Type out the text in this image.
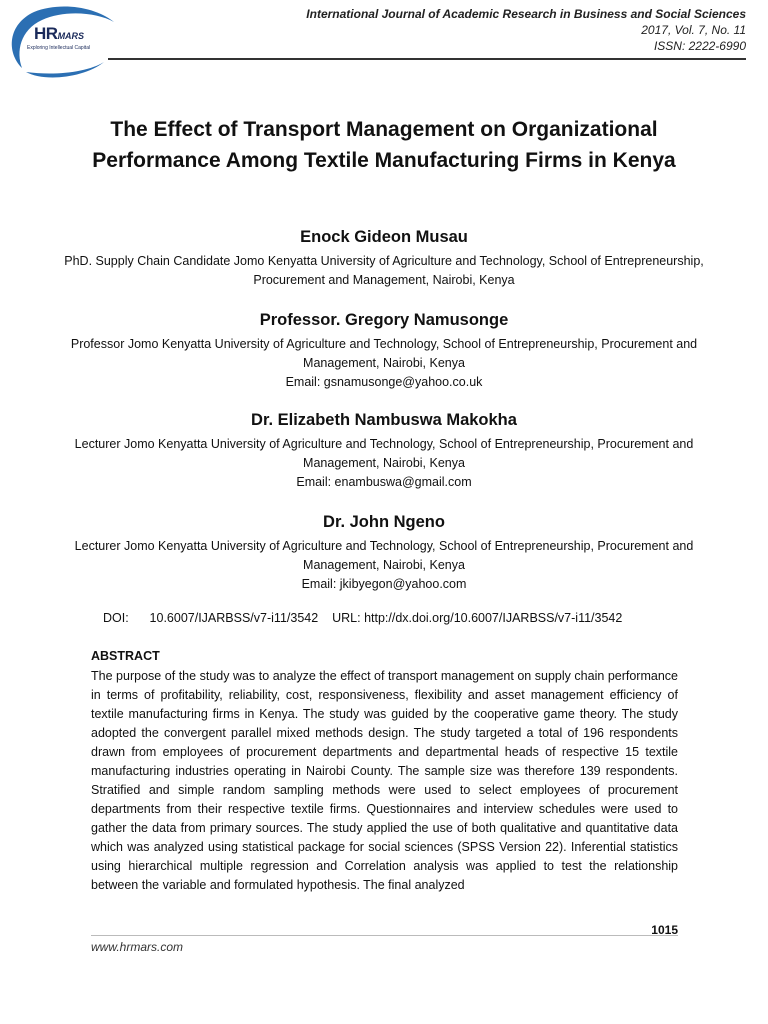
HRMARS
Exploring Intellectual Capital
International Journal of Academic Research in Business and Social Sciences
2017, Vol. 7, No. 11
ISSN: 2222-6990
The Effect of Transport Management on Organizational Performance Among Textile Manufacturing Firms in Kenya
Enock Gideon Musau
PhD. Supply Chain Candidate Jomo Kenyatta University of Agriculture and Technology, School of Entrepreneurship, Procurement and Management, Nairobi, Kenya
Professor. Gregory Namusonge
Professor Jomo Kenyatta University of Agriculture and Technology, School of Entrepreneurship, Procurement and Management, Nairobi, Kenya
Email: gsnamusonge@yahoo.co.uk
Dr. Elizabeth Nambuswa Makokha
Lecturer Jomo Kenyatta University of Agriculture and Technology, School of Entrepreneurship, Procurement and Management, Nairobi, Kenya
Email: enambuswa@gmail.com
Dr. John Ngeno
Lecturer Jomo Kenyatta University of Agriculture and Technology, School of Entrepreneurship, Procurement and Management, Nairobi, Kenya
Email: jkibyegon@yahoo.com
DOI: 10.6007/IJARBSS/v7-i11/3542 URL: http://dx.doi.org/10.6007/IJARBSS/v7-i11/3542
ABSTRACT
The purpose of the study was to analyze the effect of transport management on supply chain performance in terms of profitability, reliability, cost, responsiveness, flexibility and asset management efficiency of textile manufacturing firms in Kenya. The study was guided by the cooperative game theory. The study adopted the convergent parallel mixed methods design. The study targeted a total of 196 respondents drawn from employees of procurement departments and departmental heads of respective 15 textile manufacturing industries operating in Nairobi County. The sample size was therefore 139 respondents. Stratified and simple random sampling methods were used to select employees of procurement departments from their respective textile firms. Questionnaires and interview schedules were used to gather the data from primary sources. The study applied the use of both qualitative and quantitative data which was analyzed using statistical package for social sciences (SPSS Version 22). Inferential statistics using hierarchical multiple regression and Correlation analysis was applied to test the relationship between the variable and formulated hypothesis. The final analyzed
1015
www.hrmars.com
